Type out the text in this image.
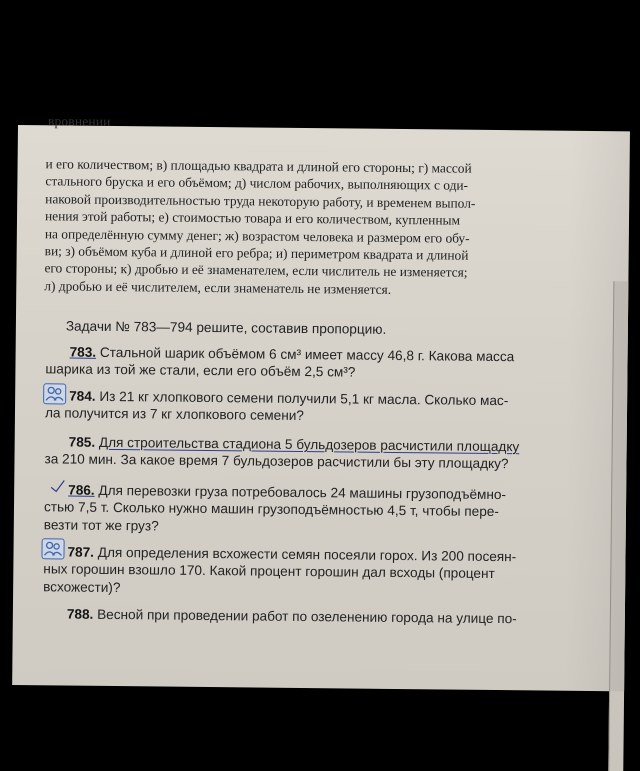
вровнении
и его количеством; в) площадью квадрата и длиной его стороны; г) массой
стального бруска и его объёмом; д) числом рабочих, выполняющих с оди-
наковой производительностью труда некоторую работу, и временем выпол-
нения этой работы; е) стоимостью товара и его количеством, купленным
на определённую сумму денег; ж) возрастом человека и размером его обу-
ви; з) объёмом куба и длиной его ребра; и) периметром квадрата и длиной
его стороны; к) дробью и её знаменателем, если числитель не изменяется;
л) дробью и её числителем, если знаменатель не изменяется.
Задачи № 783—794 решите, составив пропорцию.
783. Стальной шарик объёмом 6 см³ имеет массу 46,8 г. Какова масса
шарика из той же стали, если его объём 2,5 см³?
784. Из 21 кг хлопкового семени получили 5,1 кг масла. Сколько мас-
ла получится из 7 кг хлопкового семени?
785. Для строительства стадиона 5 бульдозеров расчистили площадку
за 210 мин. За какое время 7 бульдозеров расчистили бы эту площадку?
786. Для перевозки груза потребовалось 24 машины грузоподъёмно-
стью 7,5 т. Сколько нужно машин грузоподъёмностью 4,5 т, чтобы пере-
везти тот же груз?
787. Для определения всхожести семян посеяли горох. Из 200 посеян-
ных горошин взошло 170. Какой процент горошин дал всходы (процент
всхожести)?
788. Весной при проведении работ по озеленению города на улице по-
